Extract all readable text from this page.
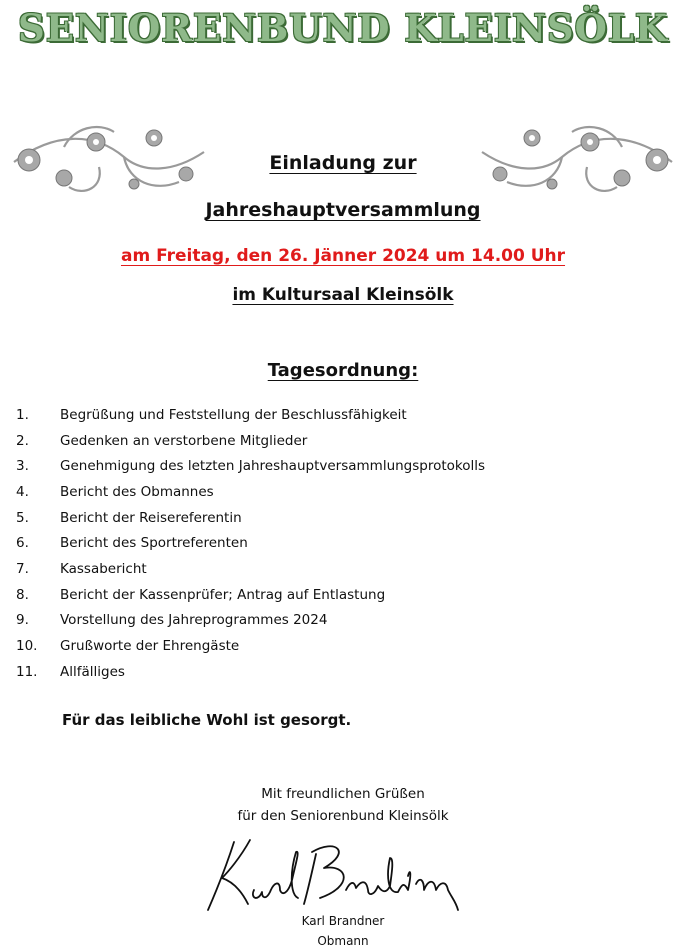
SENIORENBUND KLEINSÖLK
Einladung zur
Jahreshauptversammlung
am Freitag, den 26. Jänner 2024 um 14.00 Uhr
im Kultursaal Kleinsölk
Tagesordnung:
1.	Begrüßung und Feststellung der Beschlussfähigkeit
2.	Gedenken an verstorbene Mitglieder
3.	Genehmigung des letzten Jahreshauptversammlungsprotokolls
4.	Bericht des Obmannes
5.	Bericht der Reisereferentin
6.	Bericht des Sportreferenten
7.	Kassabericht
8.	Bericht der Kassenprüfer; Antrag auf Entlastung
9.	Vorstellung des Jahreprogrammes 2024
10.	Grußworte der Ehrengäste
11.	Allfälliges
Für das leibliche Wohl ist gesorgt.
Mit freundlichen Grüßen
für den Seniorenbund Kleinsölk
Karl Brandner
Obmann
